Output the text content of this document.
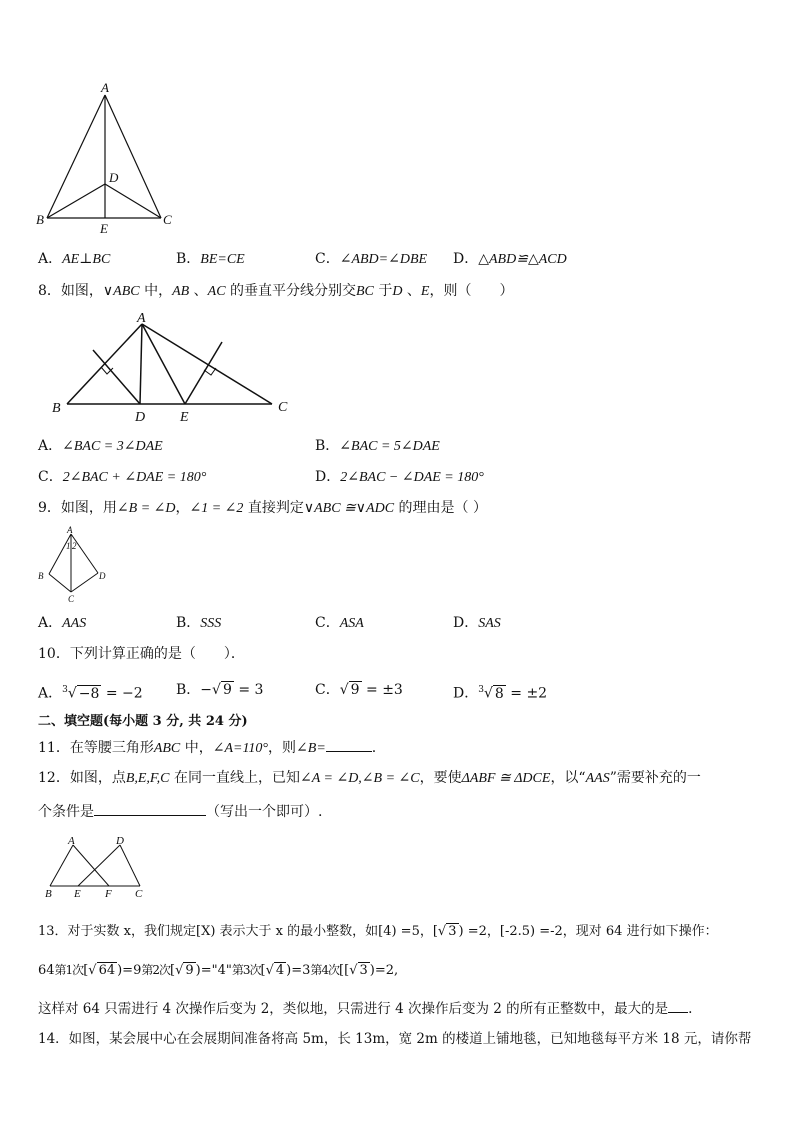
A
B	C
D
E
A．AE⊥BC	B．BE=CE	C．∠ABD=∠DBE D．△ABD≌△ACD
8．如图，∨ABC 中，AB 、AC 的垂直平分线分别交BC 于D 、E，则（　　）
A
B	C
D E
A．∠BAC = 3∠DAE	B．∠BAC = 5∠DAE
C．2∠BAC + ∠DAE = 180°	D．2∠BAC − ∠DAE = 180°
9．如图，用∠B = ∠D，∠1 = ∠2 直接判定∨ABC ≅∨ADC 的理由是（ ）
A
1 2
B	D
C
A．AAS	B．SSS	C．ASA	D．SAS
10．下列计算正确的是（　　）．
A．$^3$√ −8 = −2 B．−√ 9 = 3	C．√ 9 = ±3	D．$^3$√ 8 = ±2
二、填空题(每小题 3 分, 共 24 分)
11．在等腰三角形ABC 中，∠A=110°，则∠B=	.
12．如图，点B,E,F,C 在同一直线上，已知∠A = ∠D,∠B = ∠C，要使ΔABF ≅ ΔDCE，以“AAS”需要补充的一
个条件是	（写出一个即可）.
A	D
B E F C
13．对于实数 x，我们规定[X) 表示大于 x 的最小整数，如[4) =5，[√ 3 ) =2，[-2.5) =-2，现对 64 进行如下操作：
64第1次[√ 64 )=9第2次[√ 9 )="4"第3次[√ 4 )=3第4次[[√ 3 )=2,
这样对 64 只需进行 4 次操作后变为 2，类似地，只需进行 4 次操作后变为 2 的所有正整数中，最大的是 .
14．如图，某会展中心在会展期间准备将高 5m，长 13m，宽 2m 的楼道上铺地毯，已知地毯每平方米 18 元，请你帮
